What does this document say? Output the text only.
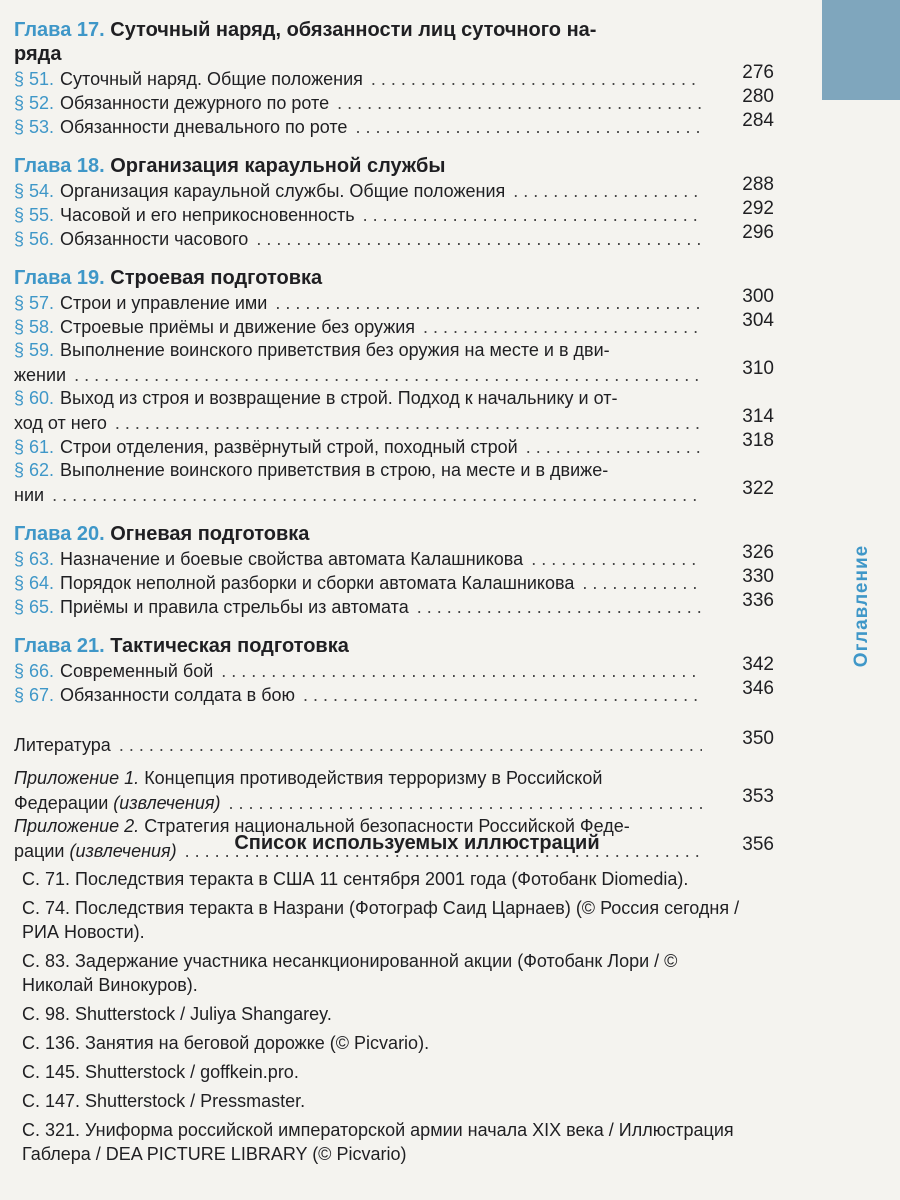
Оглавление
Глава 17. Суточный наряд, обязанности лиц суточного на-
ряда
§ 51. Суточный наряд. Общие положения . . .	276
§ 52. Обязанности дежурного по роте . . .	280
§ 53. Обязанности дневального по роте . . .	284
Глава 18. Организация караульной службы
§ 54. Организация караульной службы. Общие положения . . .	288
§ 55. Часовой и его неприкосновенность . . .	292
§ 56. Обязанности часового . . .	296
Глава 19. Строевая подготовка
§ 57. Строи и управление ими . . .	300
§ 58. Строевые приёмы и движение без оружия . . .	304
§ 59. Выполнение воинского приветствия без оружия на месте и в дви-
жении . . .	310
§ 60. Выход из строя и возвращение в строй. Подход к начальнику и от-
ход от него . . .	314
§ 61. Строи отделения, развёрнутый строй, походный строй . . .	318
§ 62. Выполнение воинского приветствия в строю, на месте и в движе-
нии . . .	322
Глава 20. Огневая подготовка
§ 63. Назначение и боевые свойства автомата Калашникова . . .	326
§ 64. Порядок неполной разборки и сборки автомата Калашникова . . .	330
§ 65. Приёмы и правила стрельбы из автомата . . .	336
Глава 21. Тактическая подготовка
§ 66. Современный бой . . .	342
§ 67. Обязанности солдата в бою . . .	346
Литература . . .	350
Приложение 1. Концепция противодействия терроризму в Российской
Федерации
(извлечения) . . .	353
Приложение 2. Стратегия национальной безопасности Российской Феде-
рации
(извлечения) . . .	356
Список используемых иллюстраций

С. 71. Последствия теракта в США 11 сентября 2001 года (Фотобанк Diomedia).

С. 74. Последствия теракта в Назрани (Фотограф Саид Царнаев) (© Россия сегодня / РИА Новости).

С. 83. Задержание участника несанкционированной акции (Фотобанк Лори / © Николай Винокуров).

С. 98. Shutterstock / Juliya Shangarey.

С. 136. Занятия на беговой дорожке (© Picvario).

С. 145. Shutterstock / goffkein.pro.

С. 147. Shutterstock / Pressmaster.

С. 321. Униформа российской императорской армии начала XIX века / Иллюстрация Габлера / DEA PICTURE LIBRARY (© Picvario)
